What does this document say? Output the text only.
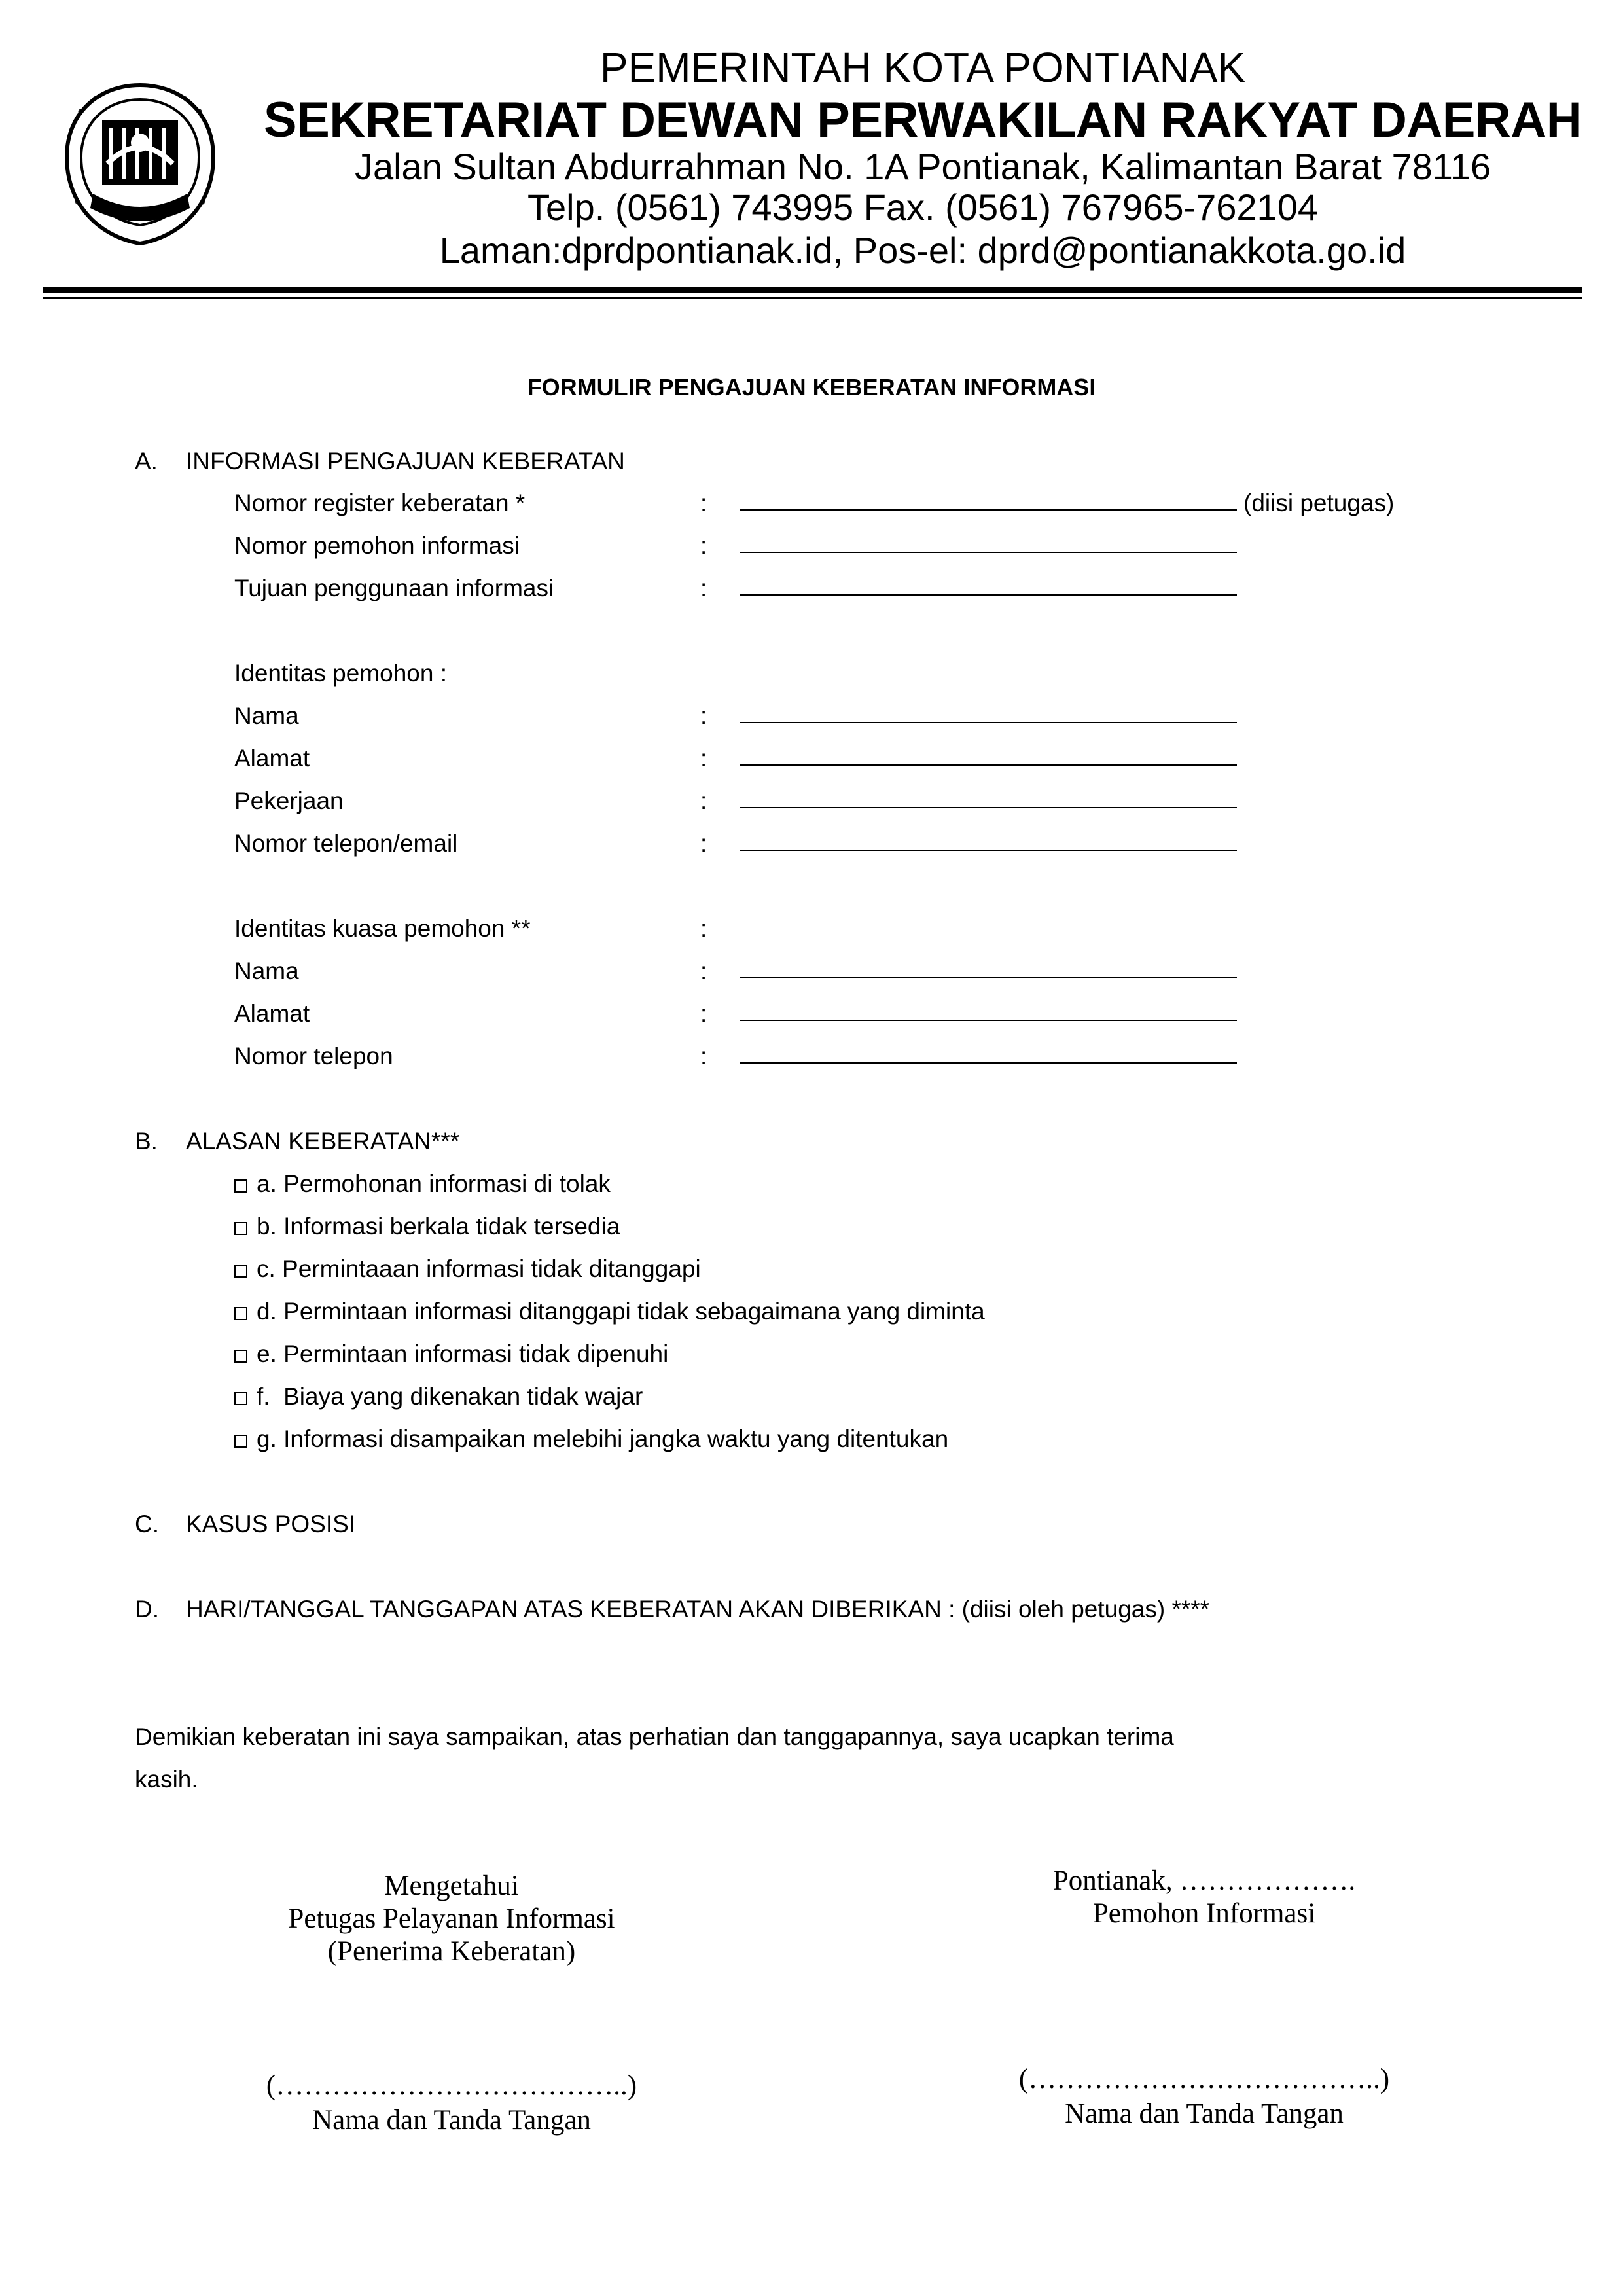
PEMERINTAH KOTA PONTIANAK
SEKRETARIAT DEWAN PERWAKILAN RAKYAT DAERAH
Jalan Sultan Abdurrahman No. 1A Pontianak, Kalimantan Barat 78116
Telp. (0561) 743995 Fax. (0561) 767965-762104
Laman:dprdpontianak.id, Pos-el: dprd@pontianakkota.go.id
FORMULIR PENGAJUAN KEBERATAN INFORMASI
A. INFORMASI PENGAJUAN KEBERATAN
Nomor register keberatan *	:	(diisi petugas)
Nomor pemohon informasi	:
Tujuan penggunaan informasi	:
Identitas pemohon :
Nama	:
Alamat	:
Pekerjaan	:
Nomor telepon/email	:
Identitas kuasa pemohon **	:
Nama	:
Alamat	:
Nomor telepon	:
B. ALASAN KEBERATAN***
a. Permohonan informasi di tolak
b. Informasi berkala tidak tersedia
c. Permintaaan informasi tidak ditanggapi
d. Permintaan informasi ditanggapi tidak sebagaimana yang diminta
e. Permintaan informasi tidak dipenuhi
f.  Biaya yang dikenakan tidak wajar
g. Informasi disampaikan melebihi jangka waktu yang ditentukan
C. KASUS POSISI
D. HARI/TANGGAL TANGGAPAN ATAS KEBERATAN AKAN DIBERIKAN : (diisi oleh petugas) ****
Demikian keberatan ini saya sampaikan, atas perhatian dan tanggapannya, saya ucapkan terima
kasih.
Mengetahui
Petugas Pelayanan Informasi
(Penerima Keberatan)
(………………………………..)
Nama dan Tanda Tangan
Pontianak, ……………….
Pemohon Informasi
(………………………………..)
Nama dan Tanda Tangan
